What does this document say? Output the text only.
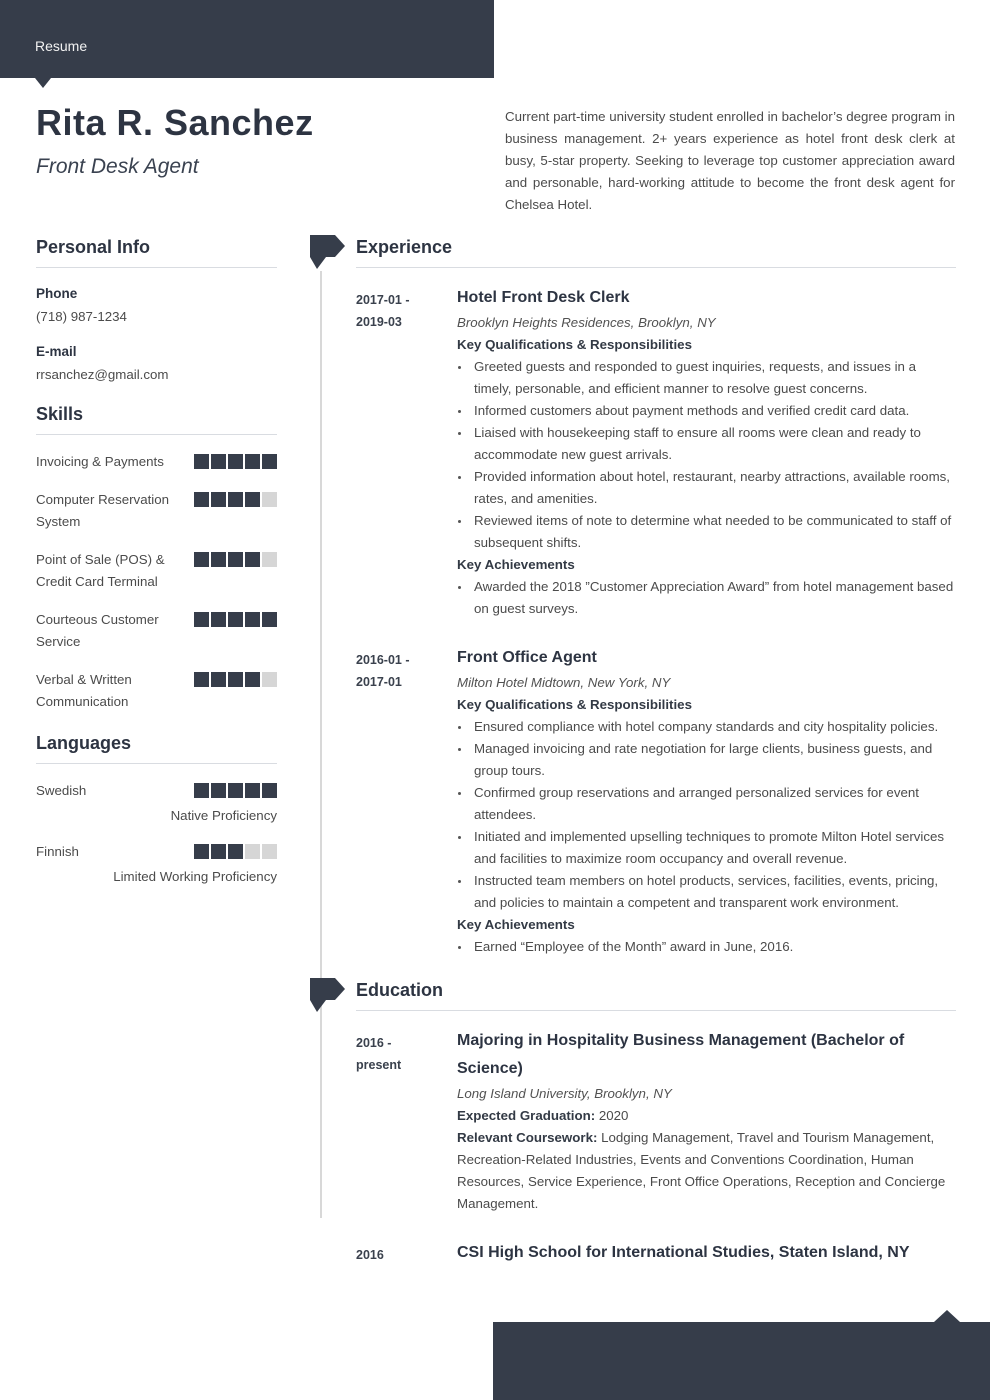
Resume
Rita R. Sanchez
Front Desk Agent

Current part-time university student enrolled in bachelor’s degree program in business management. 2+ years experience as hotel front desk clerk at busy, 5-star property. Seeking to leverage top customer appreciation award and personable, hard-working attitude to become the front desk agent for Chelsea Hotel.

Personal Info
Phone
(718) 987-1234
E-mail
rrsanchez@gmail.com
Skills
Invoicing & Payments
Computer Reservation System
Point of Sale (POS) & Credit Card Terminal
Courteous Customer Service
Verbal & Written Communication
Languages
Swedish
Native Proficiency
Finnish
Limited Working Proficiency
Experience
2017-01 -
2019-03
Hotel Front Desk Clerk
Brooklyn Heights Residences, Brooklyn, NY
Key Qualifications & Responsibilities
• Greeted guests and responded to guest inquiries, requests, and issues in a timely, personable, and efficient manner to resolve guest concerns.
• Informed customers about payment methods and verified credit card data.
• Liaised with housekeeping staff to ensure all rooms were clean and ready to accommodate new guest arrivals.
• Provided information about hotel, restaurant, nearby attractions, available rooms, rates, and amenities.
• Reviewed items of note to determine what needed to be communicated to staff of subsequent shifts.
Key Achievements
• Awarded the 2018 ”Customer Appreciation Award” from hotel management based on guest surveys.
2016-01 -
2017-01
Front Office Agent
Milton Hotel Midtown, New York, NY
Key Qualifications & Responsibilities
• Ensured compliance with hotel company standards and city hospitality policies.
• Managed invoicing and rate negotiation for large clients, business guests, and group tours.
• Confirmed group reservations and arranged personalized services for event attendees.
• Initiated and implemented upselling techniques to promote Milton Hotel services and facilities to maximize room occupancy and overall revenue.
• Instructed team members on hotel products, services, facilities, events, pricing, and policies to maintain a competent and transparent work environment.
Key Achievements
• Earned “Employee of the Month” award in June, 2016.
Education
2016 -
present
Majoring in Hospitality Business Management (Bachelor of Science)
Long Island University, Brooklyn, NY

Expected Graduation: 2020

Relevant Coursework: Lodging Management, Travel and Tourism Management, Recreation-Related Industries, Events and Conventions Coordination, Human Resources, Service Experience, Front Office Operations, Reception and Concierge Management.

2016	CSI High School for International Studies, Staten Island, NY
